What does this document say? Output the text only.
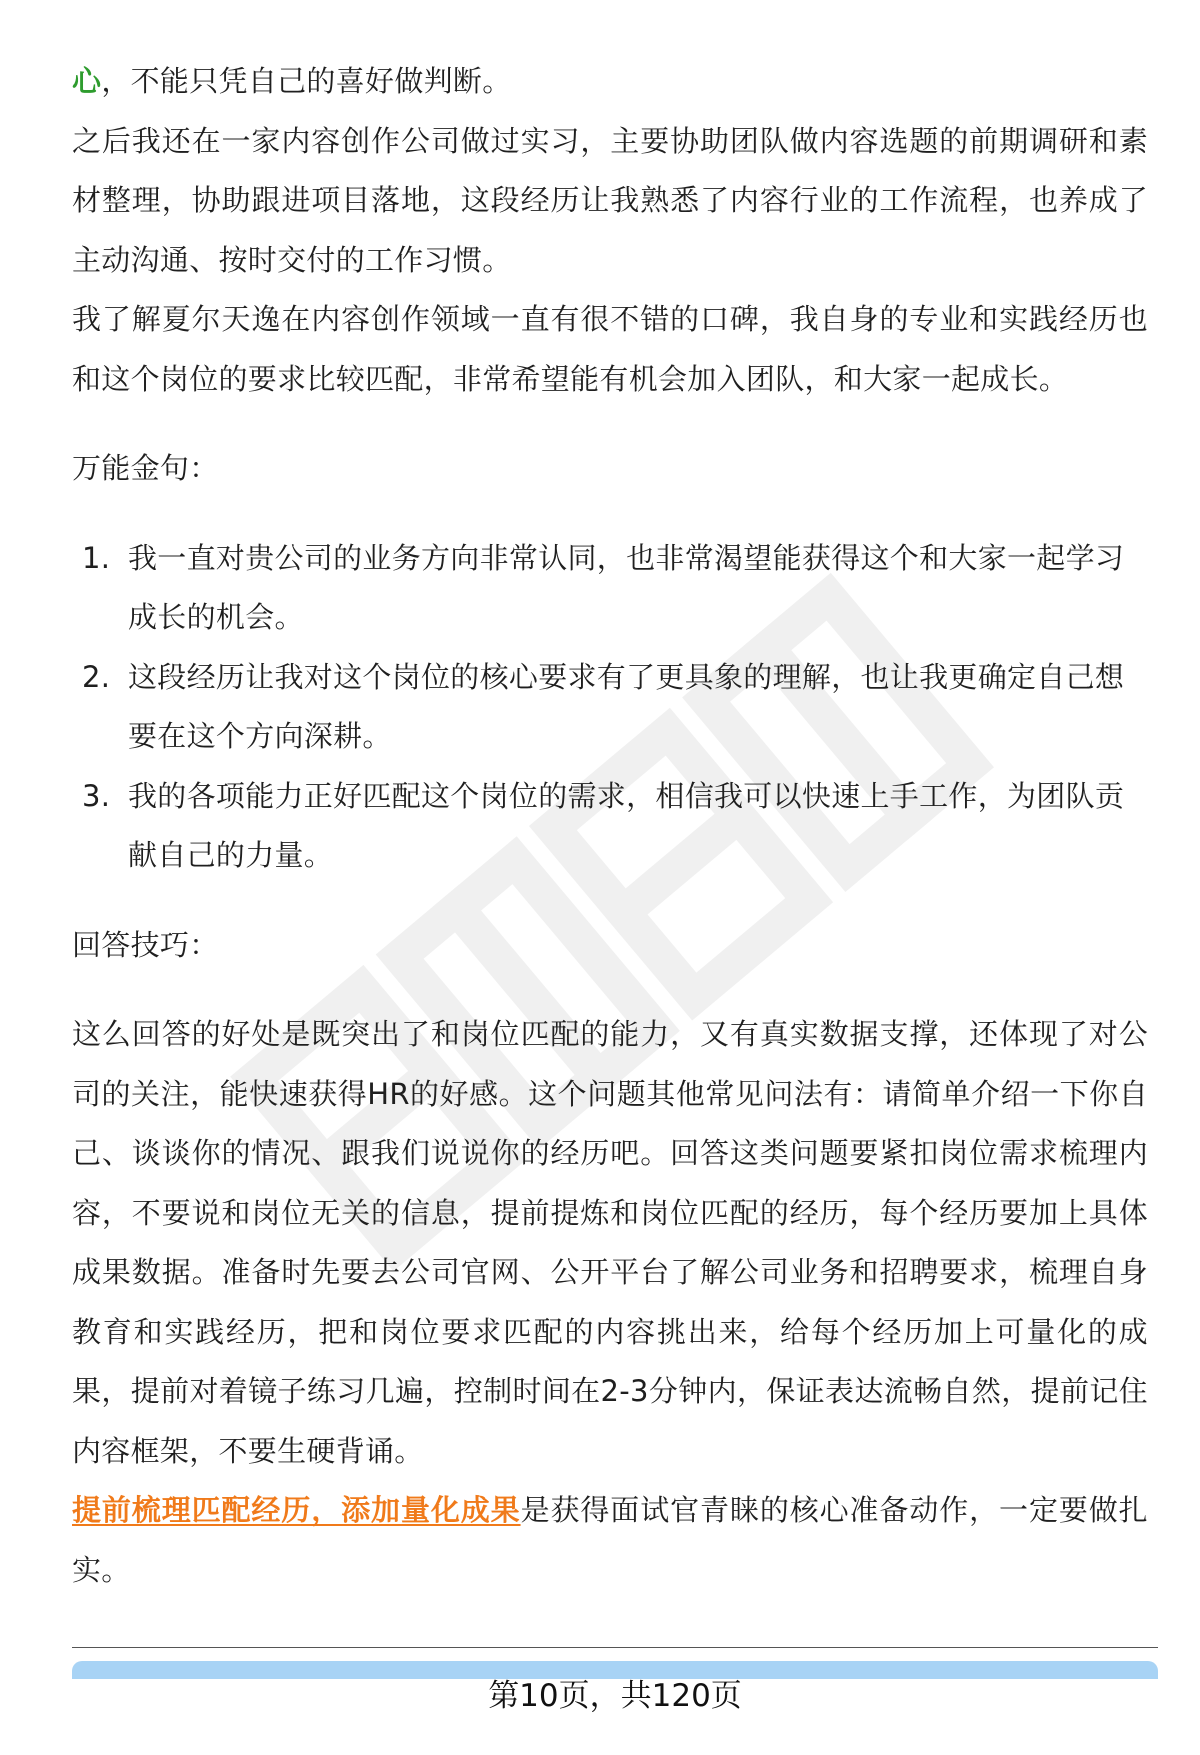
心，不能只凭自己的喜好做判断。

之后我还在一家内容创作公司做过实习，主要协助团队做内容选题的前期调研和素材整理，协助跟进项目落地，这段经历让我熟悉了内容行业的工作流程，也养成了主动沟通、按时交付的工作习惯。

我了解夏尔天逸在内容创作领域一直有很不错的口碑，我自身的专业和实践经历也和这个岗位的要求比较匹配，非常希望能有机会加入团队，和大家一起成长。

万能金句：

1. 我一直对贵公司的业务方向非常认同，也非常渴望能获得这个和大家一起学习成长的机会。
2. 这段经历让我对这个岗位的核心要求有了更具象的理解，也让我更确定自己想要在这个方向深耕。
3. 我的各项能力正好匹配这个岗位的需求，相信我可以快速上手工作，为团队贡献自己的力量。

回答技巧：

这么回答的好处是既突出了和岗位匹配的能力，又有真实数据支撑，还体现了对公司的关注，能快速获得HR的好感。这个问题其他常见问法有：请简单介绍一下你自己、谈谈你的情况、跟我们说说你的经历吧。回答这类问题要紧扣岗位需求梳理内容，不要说和岗位无关的信息，提前提炼和岗位匹配的经历，每个经历要加上具体成果数据。准备时先要去公司官网、公开平台了解公司业务和招聘要求，梳理自身教育和实践经历，把和岗位要求匹配的内容挑出来，给每个经历加上可量化的成果，提前对着镜子练习几遍，控制时间在2-3分钟内，保证表达流畅自然，提前记住内容框架，不要生硬背诵。

提前梳理匹配经历，添加量化成果是获得面试官青睐的核心准备动作，一定要做扎实。

第10页，共120页
